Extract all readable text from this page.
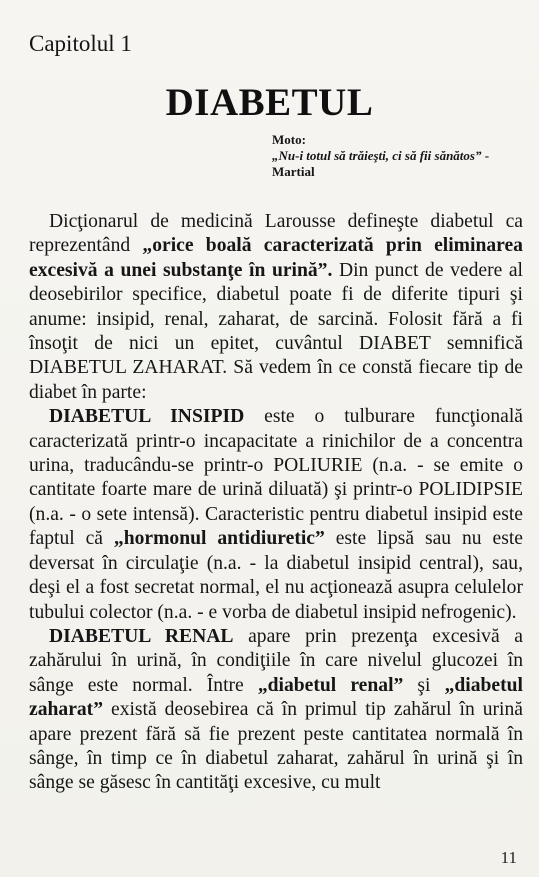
Capitolul 1
DIABETUL
Moto:
„Nu-i totul să trăieşti, ci să fii sănătos” - Martial

Dicţionarul de medicină Larousse defineşte diabetul ca reprezentând „orice boală caracterizată prin eliminarea excesivă a unei substanţe în urină”. Din punct de vedere al deosebirilor specifice, diabetul poate fi de diferite tipuri şi anume: insipid, renal, zaharat, de sarcină. Folosit fără a fi însoţit de nici un epitet, cuvântul DIABET semnifică DIABETUL ZAHARAT. Să vedem în ce constă fiecare tip de diabet în parte:

DIABETUL INSIPID este o tulburare funcţională caracterizată printr-o incapacitate a rinichilor de a concentra urina, traducându-se printr-o POLIURIE (n.a. - se emite o cantitate foarte mare de urină diluată) şi printr-o POLIDIPSIE (n.a. - o sete intensă). Caracteristic pentru diabetul insipid este faptul că „hormonul antidiuretic” este lipsă sau nu este deversat în circulaţie (n.a. - la diabetul insipid central), sau, deşi el a fost secretat normal, el nu acţionează asupra celulelor tubului colector (n.a. - e vorba de diabetul insipid nefrogenic).

DIABETUL RENAL apare prin prezenţa excesivă a zahărului în urină, în condiţiile în care nivelul glucozei în sânge este normal. Între „diabetul renal” şi „diabetul zaharat” există deosebirea că în primul tip zahărul în urină apare prezent fără să fie prezent peste cantitatea normală în sânge, în timp ce în diabetul zaharat, zahărul în urină şi în sânge se găsesc în cantităţi excesive, cu mult

11
